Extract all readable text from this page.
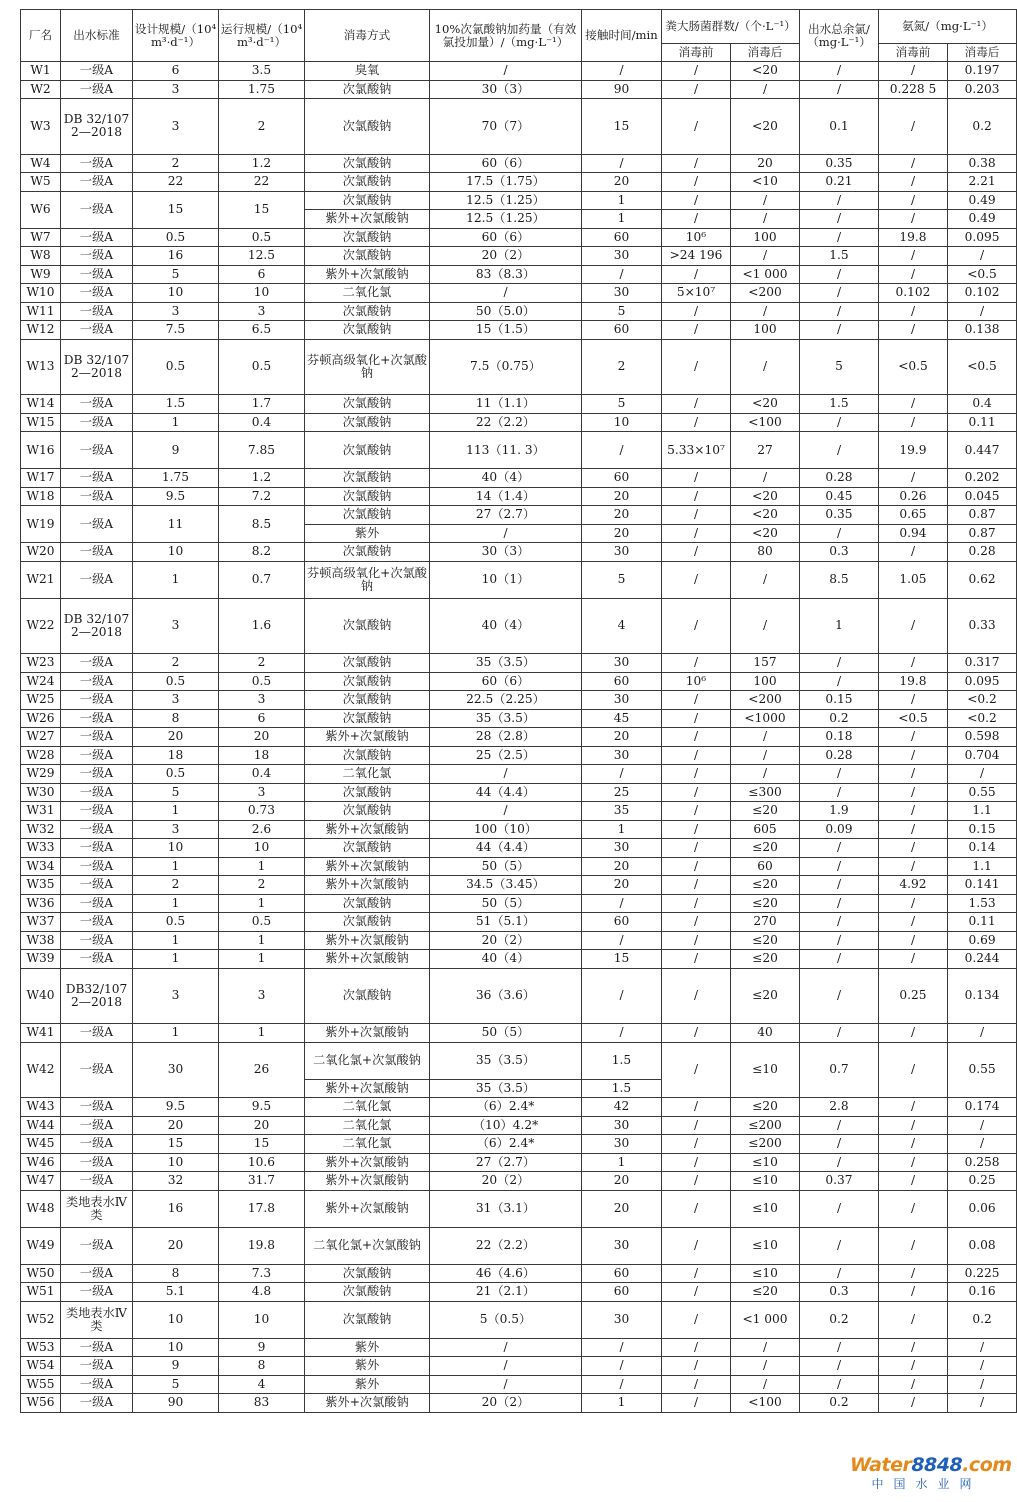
厂名	出水标准	设计规模/（10⁴m³·d⁻¹）	运行规模/（10⁴m³·d⁻¹）	消毒方式	10%次氯酸钠加药量（有效氯投加量）/（mg·L⁻¹）	接触时间/min	粪大肠菌群数/（个·L⁻¹）		出水总余氯/（mg·L⁻¹）	氨氮/（mg·L⁻¹）	
							消毒前	消毒后		消毒前	消毒后
W1	一级A	6	3.5	臭氧	/	/	/	<20	/	/	0.197
W2	一级A	3	1.75	次氯酸钠	30（3）	90	/	/	/	0.228 5	0.203
W3	DB 32/1072—2018	3	2	次氯酸钠	70（7）	15	/	<20	0.1	/	0.2
W4	一级A	2	1.2	次氯酸钠	60（6）	/	/	20	0.35	/	0.38
W5	一级A	22	22	次氯酸钠	17.5（1.75）	20	/	<10	0.21	/	2.21
W6	一级A	15	15	次氯酸钠	12.5（1.25）	1	/	/	/	/	0.49
				紫外+次氯酸钠	12.5（1.25）	1	/	/	/	/	0.49
W7	一级A	0.5	0.5	次氯酸钠	60（6）	60	10⁶	100	/	19.8	0.095
W8	一级A	16	12.5	次氯酸钠	20（2）	30	>24 196	/	1.5	/	/
W9	一级A	5	6	紫外+次氯酸钠	83（8.3）	/	/	<1 000	/	/	<0.5
W10	一级A	10	10	二氧化氯	/	30	5×10⁷	<200	/	0.102	0.102
W11	一级A	3	3	次氯酸钠	50（5.0）	5	/	/	/	/	/
W12	一级A	7.5	6.5	次氯酸钠	15（1.5）	60	/	100	/	/	0.138
W13	DB 32/1072—2018	0.5	0.5	芬顿高级氧化+次氯酸钠	7.5（0.75）	2	/	/	5	<0.5	<0.5
W14	一级A	1.5	1.7	次氯酸钠	11（1.1）	5	/	<20	1.5	/	0.4
W15	一级A	1	0.4	次氯酸钠	22（2.2）	10	/	<100	/	/	0.11
W16	一级A	9	7.85	次氯酸钠	113（11. 3）	/	5.33×10⁷	27	/	19.9	0.447
W17	一级A	1.75	1.2	次氯酸钠	40（4）	60	/	/	0.28	/	0.202
W18	一级A	9.5	7.2	次氯酸钠	14（1.4）	20	/	<20	0.45	0.26	0.045
W19	一级A	11	8.5	次氯酸钠	27（2.7）	20	/	<20	0.35	0.65	0.87
				紫外	/	20	/	<20	/	0.94	0.87
W20	一级A	10	8.2	次氯酸钠	30（3）	30	/	80	0.3	/	0.28
W21	一级A	1	0.7	芬顿高级氧化+次氯酸钠	10（1）	5	/	/	8.5	1.05	0.62
W22	DB 32/1072—2018	3	1.6	次氯酸钠	40（4）	4	/	/	1	/	0.33
W23	一级A	2	2	次氯酸钠	35（3.5）	30	/	157	/	/	0.317
W24	一级A	0.5	0.5	次氯酸钠	60（6）	60	10⁶	100	/	19.8	0.095
W25	一级A	3	3	次氯酸钠	22.5（2.25）	30	/	<200	0.15	/	<0.2
W26	一级A	8	6	次氯酸钠	35（3.5）	45	/	<1000	0.2	<0.5	<0.2
W27	一级A	20	20	紫外+次氯酸钠	28（2.8）	20	/	/	0.18	/	0.598
W28	一级A	18	18	次氯酸钠	25（2.5）	30	/	/	0.28	/	0.704
W29	一级A	0.5	0.4	二氧化氯	/	/	/	/	/	/	/
W30	一级A	5	3	次氯酸钠	44（4.4）	25	/	≤300	/	/	0.55
W31	一级A	1	0.73	次氯酸钠	/	35	/	≤20	1.9	/	1.1
W32	一级A	3	2.6	紫外+次氯酸钠	100（10）	1	/	605	0.09	/	0.15
W33	一级A	10	10	次氯酸钠	44（4.4）	30	/	≤20	/	/	0.14
W34	一级A	1	1	紫外+次氯酸钠	50（5）	20	/	60	/	/	1.1
W35	一级A	2	2	紫外+次氯酸钠	34.5（3.45）	20	/	≤20	/	4.92	0.141
W36	一级A	1	1	次氯酸钠	50（5）	/	/	≤20	/	/	1.53
W37	一级A	0.5	0.5	次氯酸钠	51（5.1）	60	/	270	/	/	0.11
W38	一级A	1	1	紫外+次氯酸钠	20（2）	/	/	≤20	/	/	0.69
W39	一级A	1	1	紫外+次氯酸钠	40（4）	15	/	≤20	/	/	0.244
W40	DB32/1072—2018	3	3	次氯酸钠	36（3.6）	/	/	≤20	/	0.25	0.134
W41	一级A	1	1	紫外+次氯酸钠	50（5）	/	/	40	/	/	/
W42	一级A	30	26	二氧化氯+次氯酸钠	35（3.5）	1.5	/	≤10	0.7	/	0.55
				紫外+次氯酸钠	35（3.5）	1.5					
W43	一级A	9.5	9.5	二氧化氯	（6）2.4*	42	/	≤20	2.8	/	0.174
W44	一级A	20	20	二氧化氯	（10）4.2*	30	/	≤200	/	/	/
W45	一级A	15	15	二氧化氯	（6）2.4*	30	/	≤200	/	/	/
W46	一级A	10	10.6	紫外+次氯酸钠	27（2.7）	1	/	≤10	/	/	0.258
W47	一级A	32	31.7	紫外+次氯酸钠	20（2）	20	/	≤10	0.37	/	0.25
W48	类地表水Ⅳ类	16	17.8	紫外+次氯酸钠	31（3.1）	20	/	≤10	/	/	0.06
W49	一级A	20	19.8	二氧化氯+次氯酸钠	22（2.2）	30	/	≤10	/	/	0.08
W50	一级A	8	7.3	次氯酸钠	46（4.6）	60	/	≤10	/	/	0.225
W51	一级A	5.1	4.8	次氯酸钠	21（2.1）	60	/	≤20	0.3	/	0.16
W52	类地表水Ⅳ类	10	10	次氯酸钠	5（0.5）	30	/	<1 000	0.2	/	0.2
W53	一级A	10	9	紫外	/	/	/	/	/	/	/
W54	一级A	9	8	紫外	/	/	/	/	/	/	/
W55	一级A	5	4	紫外	/	/	/	/	/	/	/
W56	一级A	90	83	紫外+次氯酸钠	20（2）	1	/	<100	0.2	/	/
Water8848.com
中国水业网
